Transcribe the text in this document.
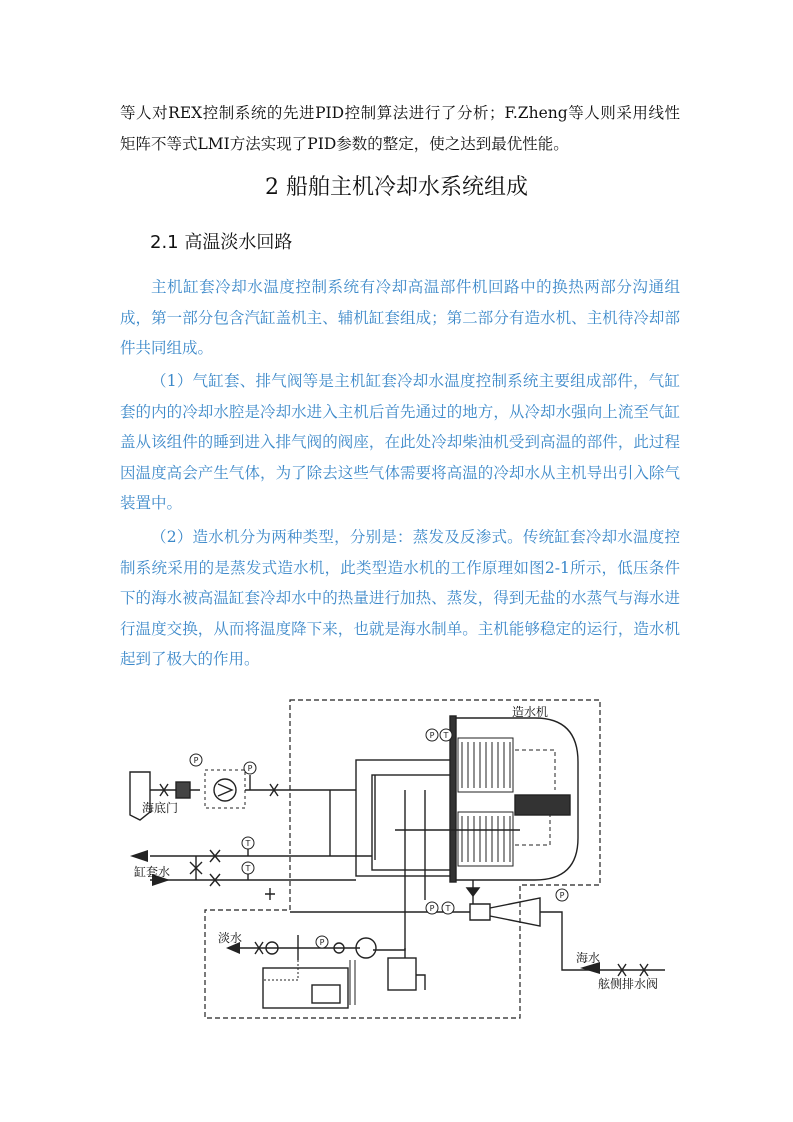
等人对REX控制系统的先进PID控制算法进行了分析；F.Zheng等人则采用线性矩阵不等式LMI方法实现了PID参数的整定，使之达到最优性能。
2 船舶主机冷却水系统组成
2.1 高温淡水回路
主机缸套冷却水温度控制系统有冷却高温部件机回路中的换热两部分沟通组成，第一部分包含汽缸盖机主、辅机缸套组成；第二部分有造水机、主机待冷却部件共同组成。
（1）气缸套、排气阀等是主机缸套冷却水温度控制系统主要组成部件，气缸套的内的冷却水腔是冷却水进入主机后首先通过的地方，从冷却水强向上流至气缸盖从该组件的睡到进入排气阀的阀座，在此处冷却柴油机受到高温的部件，此过程因温度高会产生气体，为了除去这些气体需要将高温的冷却水从主机导出引入除气装置中。
（2）造水机分为两种类型，分别是：蒸发及反渗式。传统缸套冷却水温度控制系统采用的是蒸发式造水机，此类型造水机的工作原理如图2-1所示，低压条件下的海水被高温缸套冷却水中的热量进行加热、蒸发，得到无盐的水蒸气与海水进行温度交换，从而将温度降下来，也就是海水制单。主机能够稳定的运行，造水机起到了极大的作用。
P
P
T
T
P T
P T
P
P
造水机
海底门
缸套水
淡水
海水
舷侧排水阀
